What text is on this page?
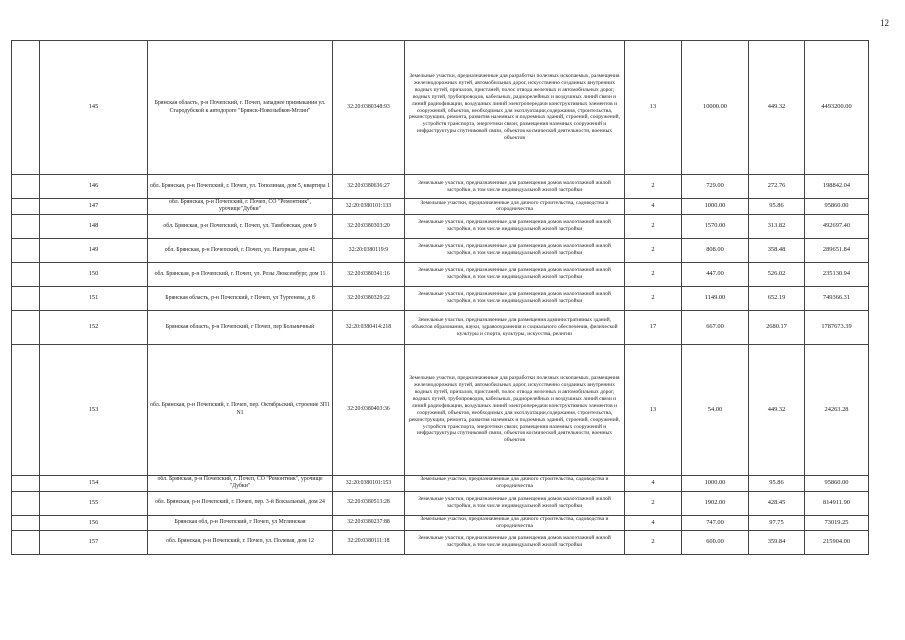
12
	145	Брянская область, р-н Почепский, г. Почеп, западнее примыкания ул. Стародубской к автодороге "Брянск-Новозыбков-Мглин"	32:20:0380348:93	Земельные участки, предназначенные для разработки полезных ископаемых, размещения железнодорожных путей, автомобильных дорог, искусственно созданных внутренних водных путей, причалов, пристаней, полос отвода железных и автомобильных дорог, водных путей, трубопроводов, кабельных, радиорелейных и воздушных линий связи и линий радиофикации, воздушных линий электропередачи конструктивных элементов и сооружений, объектов, необходимых для эксплуатации,содержания, строительства, реконструкции, ремонта, развития наземных и подземных зданий, строений, сооружений, устройств транспорта, энергетики связи; размещения наземных сооружений и инфраструктуры спутниковой связи, объектов космической деятельности, военных объектов	13	10000.00	449.32	4493200.00
	146	обл. Брянская, р-н Почепский, г. Почеп, ул. Тополиная, дом 5, квартира 1	32:20:0380636:27	Земельные участки, предназначенные для размещения домов малоэтажной жилой застройки, в том числе индивидуальной жилой застройки	2	729.00	272.76	198842.04
	147	обл. Брянская, р-н Почепский, г. Почеп, СО "Ремонтник", урочище"Дубки"	32:20:0380101:133	Земельные участки, предназначенные для дачного строительства, садоводства и огородничества	4	1000.00	95.86	95860.00
	148	обл. Брянская, р-н Почепский, г. Почеп, ул. Тамбовская, дом 9	32:20:0380303:20	Земельные участки, предназначенные для размещения домов малоэтажной жилой застройки, в том числе индивидуальной жилой застройки	2	1570.00	313.82	492697.40
	149	обл. Брянская, р-н Почепский, г. Почеп, ул. Нагорная, дом 41	32:20:0380119:9	Земельные участки, предназначенные для размещения домов малоэтажной жилой застройки, в том числе индивидуальной жилой застройки	2	808.00	358.48	289651.84
	150	обл. Брянская, р-н Почепский, г. Почеп, ул. Розы Люксембург, дом 11	32:20:0380341:16	Земельные участки, предназначенные для размещения домов малоэтажной жилой застройки, в том числе индивидуальной жилой застройки	2	447.00	526.02	235130.94
	151	Брянская область, р-н Почепский, г Почеп, ул Тургенева, д 8	32:20:0380329:22	Земельные участки, предназначенные для размещения домов малоэтажной жилой застройки, в том числе индивидуальной жилой застройки	2	1149.00	652.19	749366.31
	152	Брянская область, р-н Почепский, г Почеп, пер Больничный	32:20:0380414:218	Земельные участки, предназначенные для размещения административных зданий, объектов образования, науки, здравоохранения и социального обеспечения, физической культуры и спорта, культуры, искусства, религии	17	667.00	2680.17	1787673.39
	153	обл. Брянская, р-н Почепский, г. Почеп, пер. Октябрьский, строение 3П1 N1	32:20:0380403:36	Земельные участки, предназначенные для разработки полезных ископаемых, размещения железнодорожных путей, автомобильных дорог, искусственно созданных внутренних водных путей, причалов, пристаней, полос отвода железных и автомобильных дорог, водных путей, трубопроводов, кабельных, радиорелейных и воздушных линий связи и линий радиофикации, воздушных линий электропередачи конструктивных элементов и сооружений, объектов, необходимых для эксплуатации,содержания, строительства, реконструкции, ремонта, развития наземных и подземных зданий, строений, сооружений, устройств транспорта, энергетики связи; размещения наземных сооружений и инфраструктуры спутниковой связи, объектов космической деятельности, военных объектов	13	54.00	449.32	24263.28
	154	обл. Брянская, р-н Почепский, г. Почеп, СО "Ремонтник", урочище "Дубки"	32:20:0380101:153	Земельные участки, предназначенные для дачного строительства, садоводства и огородничества	4	1000.00	95.86	95860.00
	155	обл. Брянская, р-н Почепский, г. Почеп, пер. 3-й Вокзальный, дом 24	32:20:0380513:28	Земельные участки, предназначенные для размещения домов малоэтажной жилой застройки, в том числе индивидуальной жилой застройки	2	1902.00	428.45	814911.90
	156	Брянская обл, р-н Почепский, г Почеп, ул Мглинская	32:20:0380237:88	Земельные участки, предназначенные для дачного строительства, садоводства и огородничества	4	747.00	97.75	73019.25
	157	обл. Брянская, р-н Почепский, г. Почеп, ул. Полевая, дом 12	32:20:0380111:18	Земельные участки, предназначенные для размещения домов малоэтажной жилой застройки, в том числе индивидуальной жилой застройки	2	600.00	359.84	215904.00
